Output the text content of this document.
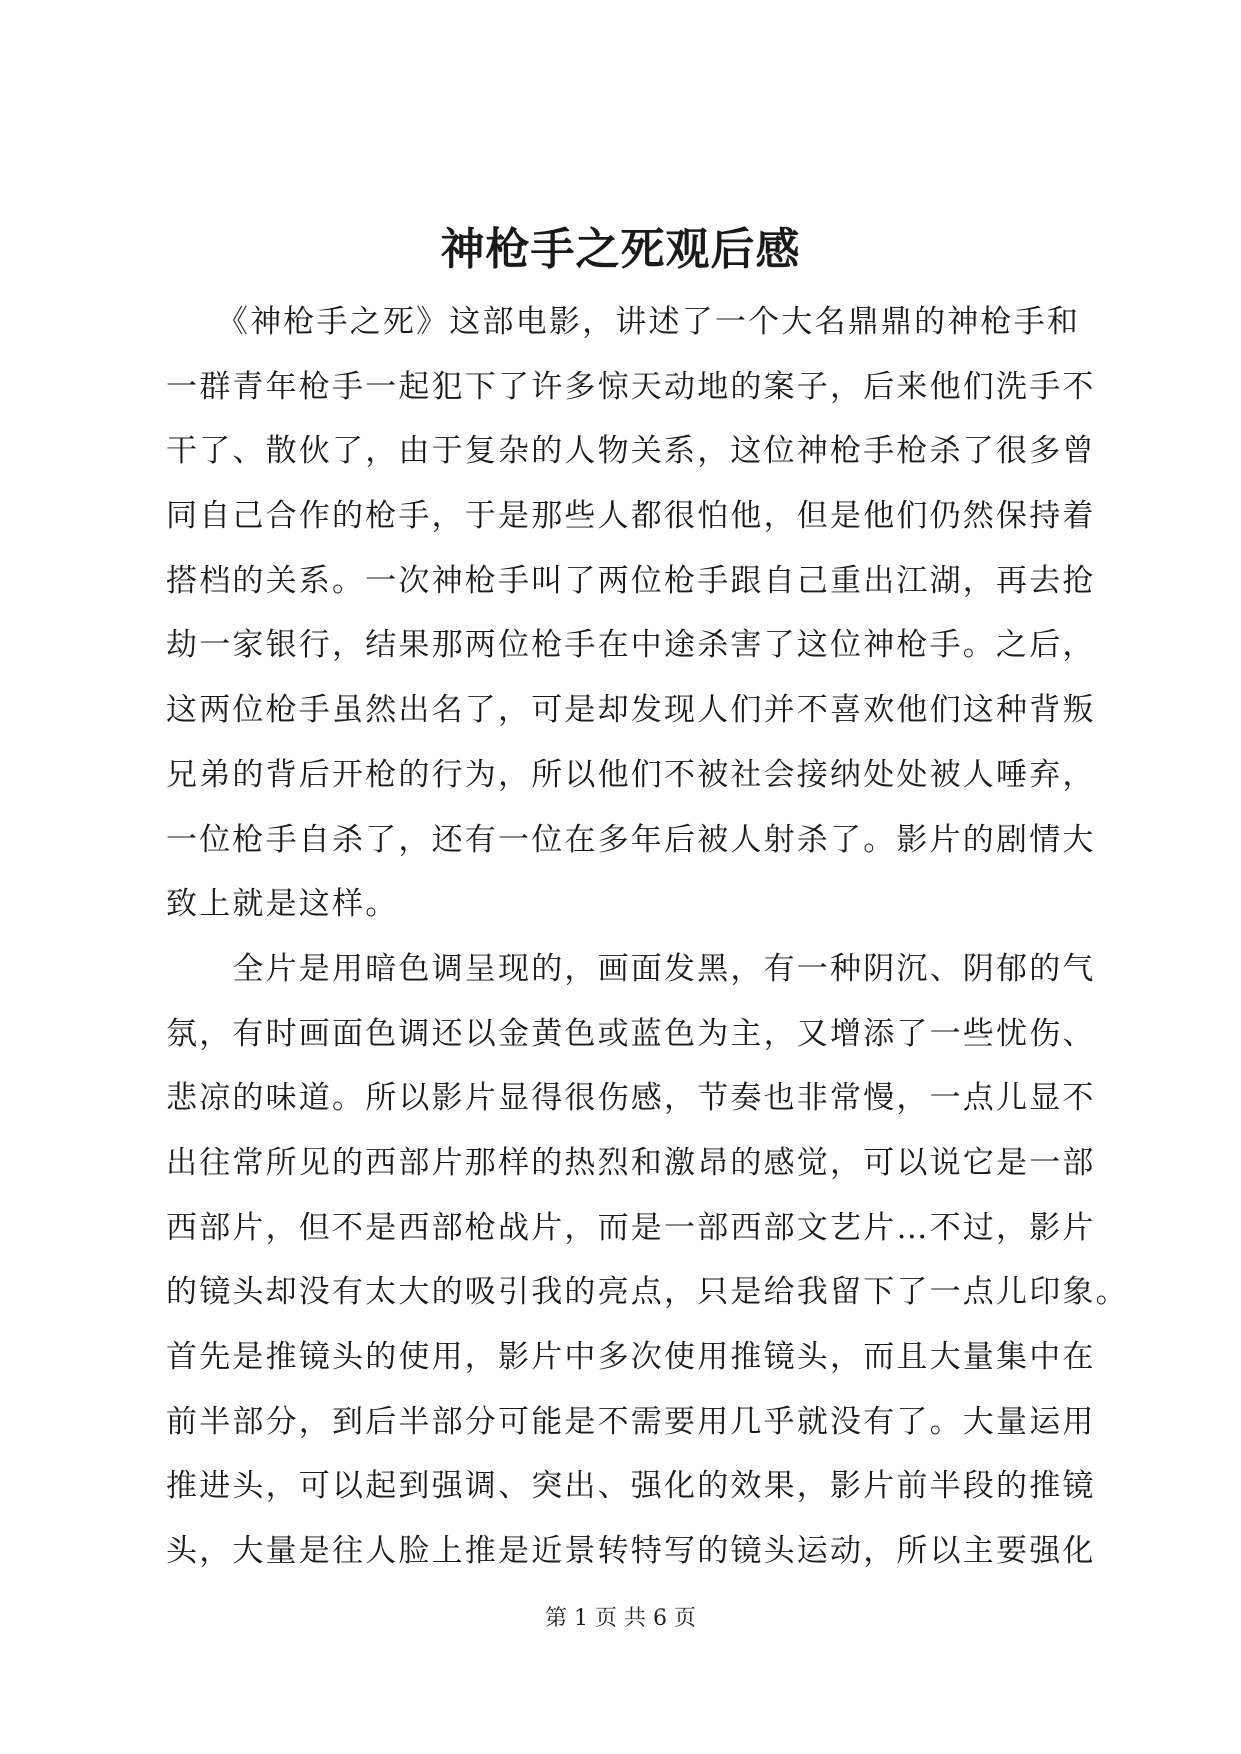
神枪手之死观后感
　　《神枪手之死》这部电影，讲述了一个大名鼎鼎的神枪手和
一群青年枪手一起犯下了许多惊天动地的案子，后来他们洗手不
干了、散伙了，由于复杂的人物关系，这位神枪手枪杀了很多曾
同自己合作的枪手，于是那些人都很怕他，但是他们仍然保持着
搭档的关系。一次神枪手叫了两位枪手跟自己重出江湖，再去抢
劫一家银行，结果那两位枪手在中途杀害了这位神枪手。之后，
这两位枪手虽然出名了，可是却发现人们并不喜欢他们这种背叛
兄弟的背后开枪的行为，所以他们不被社会接纳处处被人唾弃，
一位枪手自杀了，还有一位在多年后被人射杀了。影片的剧情大
致上就是这样。
　　全片是用暗色调呈现的，画面发黑，有一种阴沉、阴郁的气
氛，有时画面色调还以金黄色或蓝色为主，又增添了一些忧伤、
悲凉的味道。所以影片显得很伤感，节奏也非常慢，一点儿显不
出往常所见的西部片那样的热烈和激昂的感觉，可以说它是一部
西部片，但不是西部枪战片，而是一部西部文艺片…不过，影片
的镜头却没有太大的吸引我的亮点，只是给我留下了一点儿印象。
首先是推镜头的使用，影片中多次使用推镜头，而且大量集中在
前半部分，到后半部分可能是不需要用几乎就没有了。大量运用
推进头，可以起到强调、突出、强化的效果，影片前半段的推镜
头，大量是往人脸上推是近景转特写的镜头运动，所以主要强化
第 1 页 共 6 页
